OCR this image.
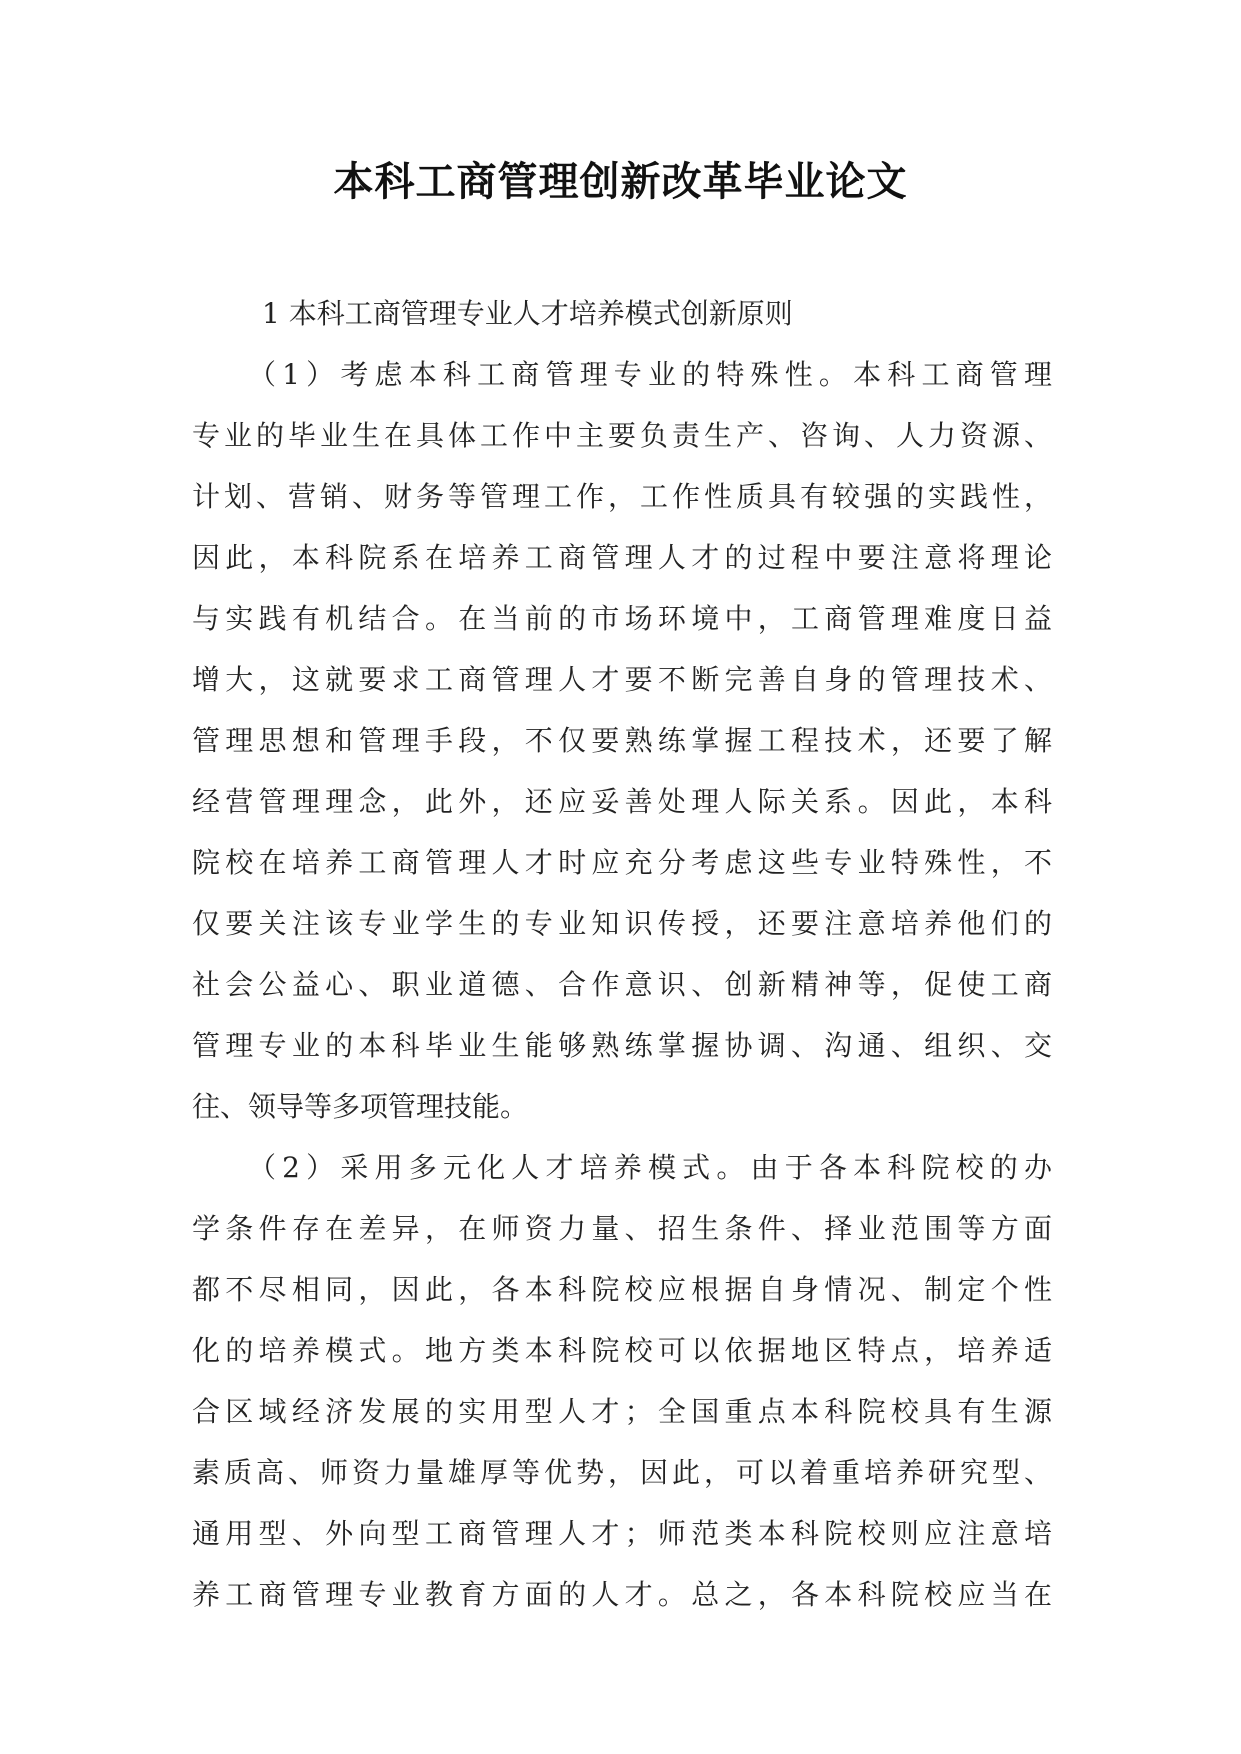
本科工商管理创新改革毕业论文
1 本科工商管理专业人才培养模式创新原则
（1）考虑本科工商管理专业的特殊性。本科工商管理
专业的毕业生在具体工作中主要负责生产、咨询、人力资源、
计划、营销、财务等管理工作，工作性质具有较强的实践性，
因此，本科院系在培养工商管理人才的过程中要注意将理论
与实践有机结合。在当前的市场环境中，工商管理难度日益
增大，这就要求工商管理人才要不断完善自身的管理技术、
管理思想和管理手段，不仅要熟练掌握工程技术，还要了解
经营管理理念，此外，还应妥善处理人际关系。因此，本科
院校在培养工商管理人才时应充分考虑这些专业特殊性，不
仅要关注该专业学生的专业知识传授，还要注意培养他们的
社会公益心、职业道德、合作意识、创新精神等，促使工商
管理专业的本科毕业生能够熟练掌握协调、沟通、组织、交
往、领导等多项管理技能。
（2）采用多元化人才培养模式。由于各本科院校的办
学条件存在差异，在师资力量、招生条件、择业范围等方面
都不尽相同，因此，各本科院校应根据自身情况、制定个性
化的培养模式。地方类本科院校可以依据地区特点，培养适
合区域经济发展的实用型人才；全国重点本科院校具有生源
素质高、师资力量雄厚等优势，因此，可以着重培养研究型、
通用型、外向型工商管理人才；师范类本科院校则应注意培
养工商管理专业教育方面的人才。总之，各本科院校应当在
